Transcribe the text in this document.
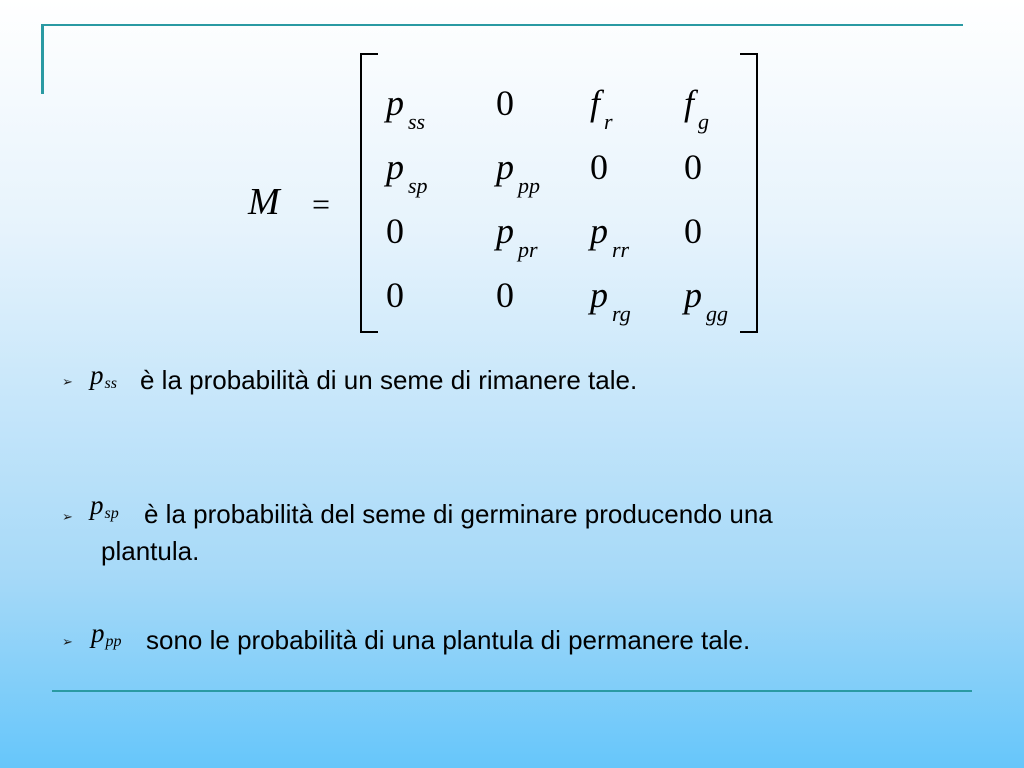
M =
p $_{ss}$ 0 f $_r$ f $_g$
p $_{sp}$ p $_{pp}$ 0 0
0	p $_{pr}$ p $_{rr}$ 0
0	0 p $_{rg}$ p $_{gg}$
➢ $p_{ss}$ è la probabilità di un seme di rimanere tale.
➢ $p_{sp}$ è la probabilità del seme di germinare producendo una
plantula.
➢ $p_{pp}$ sono le probabilità di una plantula di permanere tale.
